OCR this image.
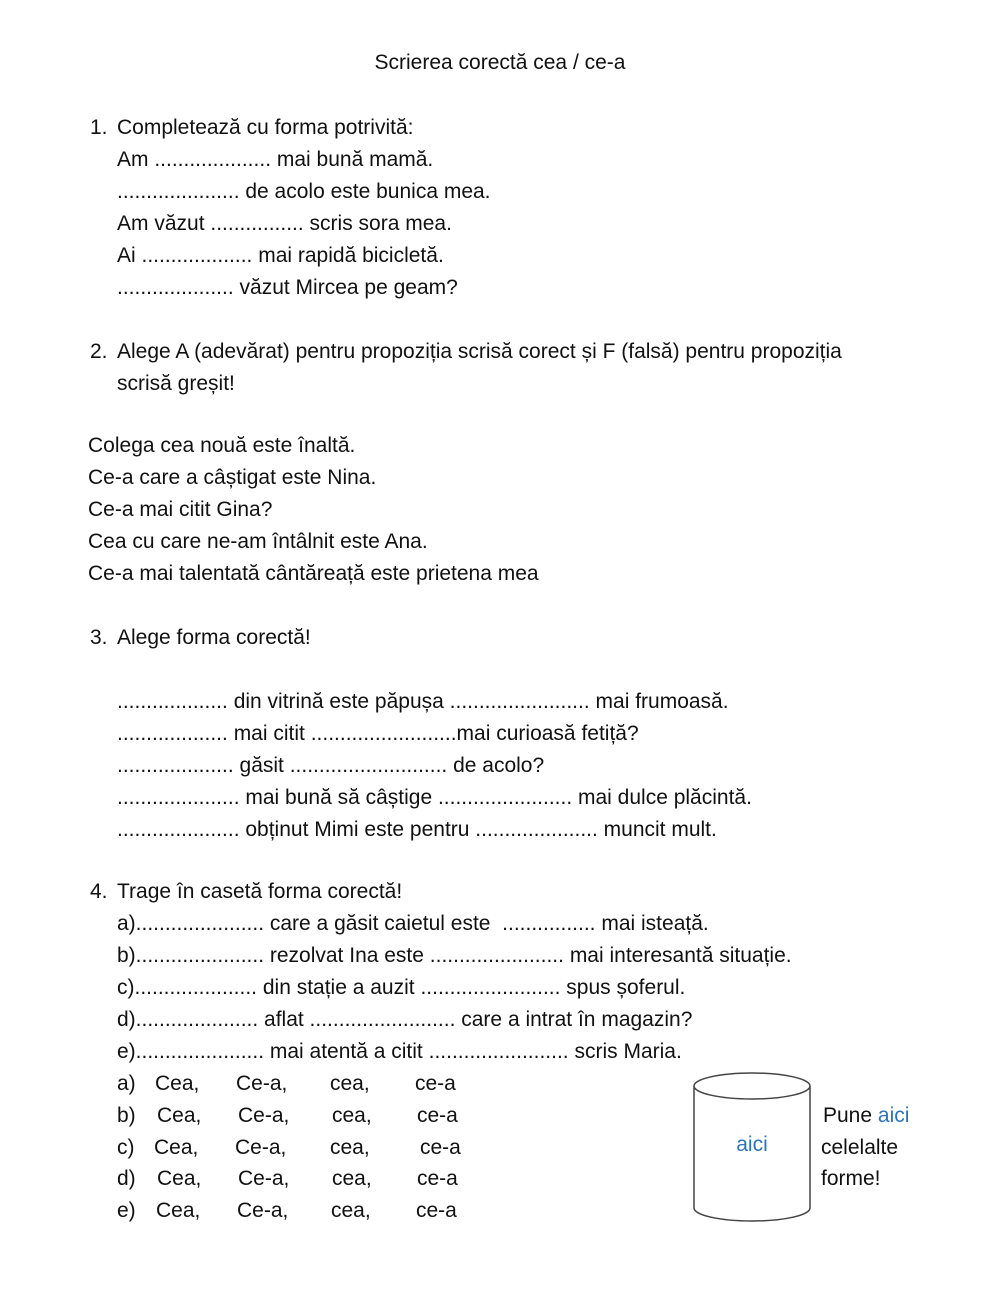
Scrierea corectă cea / ce-a
1. Completează cu forma potrivită:
Am .................... mai bună mamă.
..................... de acolo este bunica mea.
Am văzut ................ scris sora mea.
Ai ................... mai rapidă bicicletă.
.................... văzut Mircea pe geam?
2. Alege A (adevărat) pentru propoziția scrisă corect și F (falsă) pentru propoziția
scrisă greșit!
Colega cea nouă este înaltă.
Ce-a care a câștigat este Nina.
Ce-a mai citit Gina?
Cea cu care ne-am întâlnit este Ana.
Ce-a mai talentată cântăreață este prietena mea
3. Alege forma corectă!
................... din vitrină este păpușa ........................ mai frumoasă.
................... mai citit .........................mai curioasă fetiță?
.................... găsit ........................... de acolo?
..................... mai bună să câștige ....................... mai dulce plăcintă.
..................... obținut Mimi este pentru ..................... muncit mult.
4. Trage în casetă forma corectă!
a)...................... care a găsit caietul este  ................ mai isteață.
b)...................... rezolvat Ina este ....................... mai interesantă situație.
c)..................... din stație a auzit ........................ spus șoferul.
d)..................... aflat ......................... care a intrat în magazin?
e)...................... mai atentă a citit ........................ scris Maria.
a) Cea, Ce-a, cea, ce-a
b) Cea, Ce-a, cea, ce-a
c) Cea, Ce-a, cea, ce-a
d) Cea, Ce-a, cea, ce-a
e) Cea, Ce-a, cea, ce-a
aici
Pune aici
celelalte
forme!
